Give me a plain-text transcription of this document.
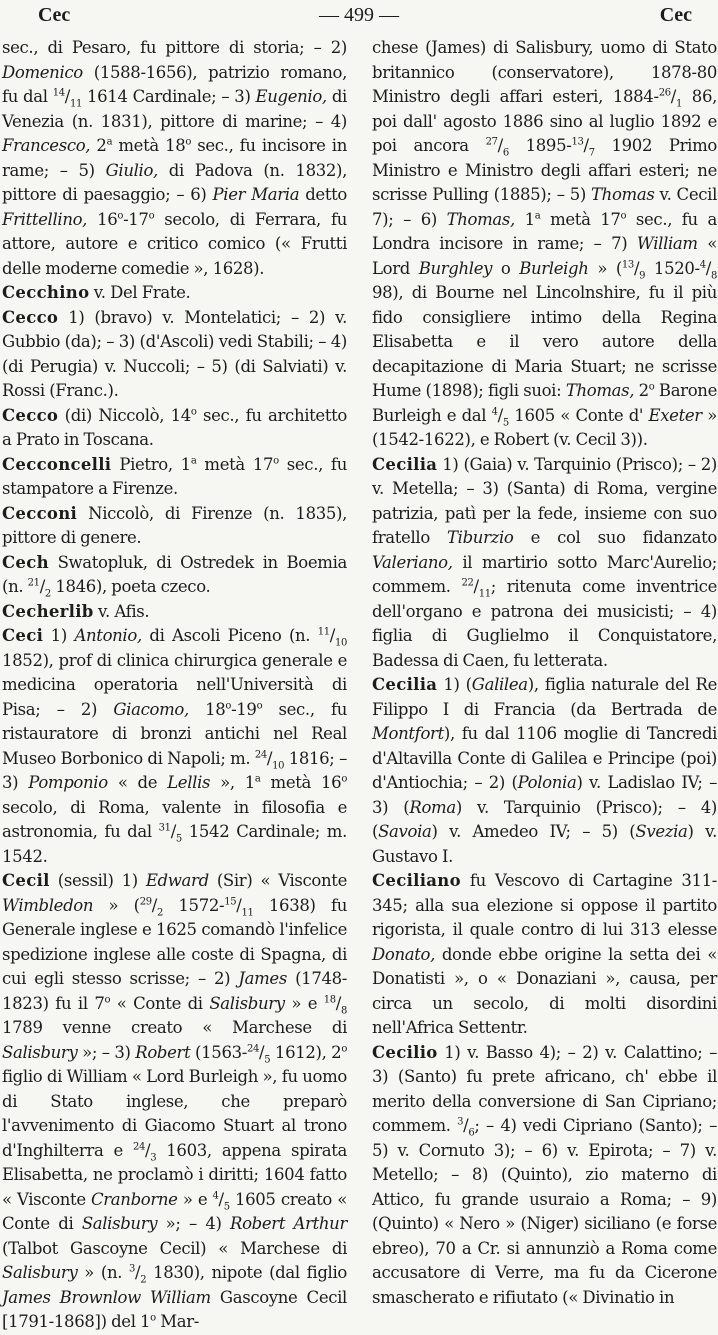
Cec	— 499 —	Cec

sec., di Pesaro, fu pittore di storia; – 2) Domenico (1588-1656), patrizio romano, fu dal $^{14}/_{11}$ 1614 Cardinale; – 3) Eugenio, di Venezia (n. 1831), pittore di marine; – 4) Francesco, 2$^a$ metà 18$^o$ sec., fu incisore in rame; – 5) Giulio, di Padova (n. 1832), pittore di paesaggio; – 6) Pier Maria detto Frittellino, 16$^o$-17$^o$ secolo, di Ferrara, fu attore, autore e critico comico (« Frutti delle moderne comedie », 1628).

Cecchino v. Del Frate.

Cecco 1) (bravo) v. Montelatici; – 2) v. Gubbio (da); – 3) (d'Ascoli) vedi Stabili; – 4) (di Perugia) v. Nuccoli; – 5) (di Salviati) v. Rossi (Franc.).

Cecco (di) Niccolò, 14$^o$ sec., fu architetto a Prato in Toscana.

Cecconcelli Pietro, 1$^a$ metà 17$^o$ sec., fu stampatore a Firenze.

Cecconi Niccolò, di Firenze (n. 1835), pittore di genere.

Cech Swatopluk, di Ostredek in Boemia (n. $^{21}/_2$ 1846), poeta czeco.

Cecherlib v. Afis.

Ceci 1) Antonio, di Ascoli Piceno (n. $^{11}/_{10}$ 1852), prof di clinica chirurgica generale e medicina operatoria nell'Università di Pisa; – 2) Giacomo, 18$^o$-19$^o$ sec., fu ristauratore di bronzi antichi nel Real Museo Borbonico di Napoli; m. $^{24}/_{10}$ 1816; – 3) Pomponio « de Lellis », 1$^a$ metà 16$^o$ secolo, di Roma, valente in filosofia e astronomia, fu dal $^{31}/_5$ 1542 Cardinale; m. 1542.

Cecil (sessil) 1) Edward (Sir) « Visconte Wimbledon » ($^{29}/_2$ $1572-^{15}/_{11}$ 1638) fu Generale inglese e 1625 comandò l'infelice spedizione inglese alle coste di Spagna, di cui egli stesso scrisse; – 2) James (1748-1823) fu il 7$^o$ « Conte di Salisbury » e $^{18}/_8$ 1789 venne creato « Marchese di Salisbury »; – 3) Robert ($1563-^{24}/_5$ 1612), 2$^o$ figlio di William « Lord Burleigh », fu uomo di Stato inglese, che preparò l'avvenimento di Giacomo Stuart al trono d'Inghilterra e $^{24}/_3$ 1603, appena spirata Elisabetta, ne proclamò i diritti; 1604 fatto « Visconte Cranborne » e $^4/_5$ 1605 creato « Conte di Salisbury »; – 4) Robert Arthur (Talbot Gascoyne Cecil) « Marchese di Salisbury » (n. $^3/_2$ 1830), nipote (dal figlio James Brownlow William Gascoyne Cecil [1791-1868]) del 1$^o$ Mar-

chese (James) di Salisbury, uomo di Stato britannico (conservatore), 1878-80 Ministro degli affari esteri, $1884-^{26}/_1$ 86, poi dall' agosto 1886 sino al luglio 1892 e poi ancora $^{27}/_6$ $1895-^{13}/_7$ 1902 Primo Ministro e Ministro degli affari esteri; ne scrisse Pulling (1885); – 5) Thomas v. Cecil 7); – 6) Thomas, 1$^a$ metà 17$^o$ sec., fu a Londra incisore in rame; – 7) William « Lord Burghley o Burleigh » ($^{13}/_9$ $1520-^4/_8$ 98), di Bourne nel Lincolnshire, fu il più fido consigliere intimo della Regina Elisabetta e il vero autore della decapitazione di Maria Stuart; ne scrisse Hume (1898); figli suoi: Thomas, 2$^o$ Barone Burleigh e dal $^4/_5$ 1605 « Conte d' Exeter » (1542-1622), e Robert (v. Cecil 3)).

Cecilia 1) (Gaia) v. Tarquinio (Prisco); – 2) v. Metella; – 3) (Santa) di Roma, vergine patrizia, patì per la fede, insieme con suo fratello Tiburzio e col suo fidanzato Valeriano, il martirio sotto Marc'Aurelio; commem. $^{22}/_{11}$; ritenuta come inventrice dell'organo e patrona dei musicisti; – 4) figlia di Guglielmo il Conquistatore, Badessa di Caen, fu letterata.

Cecilia 1) (Galilea), figlia naturale del Re Filippo I di Francia (da Bertrada de Montfort), fu dal 1106 moglie di Tancredi d'Altavilla Conte di Galilea e Principe (poi) d'Antiochia; – 2) (Polonia) v. Ladislao IV; – 3) (Roma) v. Tarquinio (Prisco); – 4) (Savoia) v. Amedeo IV; – 5) (Svezia) v. Gustavo I.

Ceciliano fu Vescovo di Cartagine 311-345; alla sua elezione si oppose il partito rigorista, il quale contro di lui 313 elesse Donato, donde ebbe origine la setta dei « Donatisti », o « Donaziani », causa, per circa un secolo, di molti disordini nell'Africa Settentr.

Cecilio 1) v. Basso 4); – 2) v. Calattino; – 3) (Santo) fu prete africano, ch' ebbe il merito della conversione di San Cipriano; commem. $^3/_6$; – 4) vedi Cipriano (Santo); – 5) v. Cornuto 3); – 6) v. Epirota; – 7) v. Metello; – 8) (Quinto), zio materno di Attico, fu grande usuraio a Roma; – 9) (Quinto) « Nero » (Niger) siciliano (e forse ebreo), 70 a Cr. si annunziò a Roma come accusatore di Verre, ma fu da Cicerone smascherato e rifiutato (« Divinatio in
